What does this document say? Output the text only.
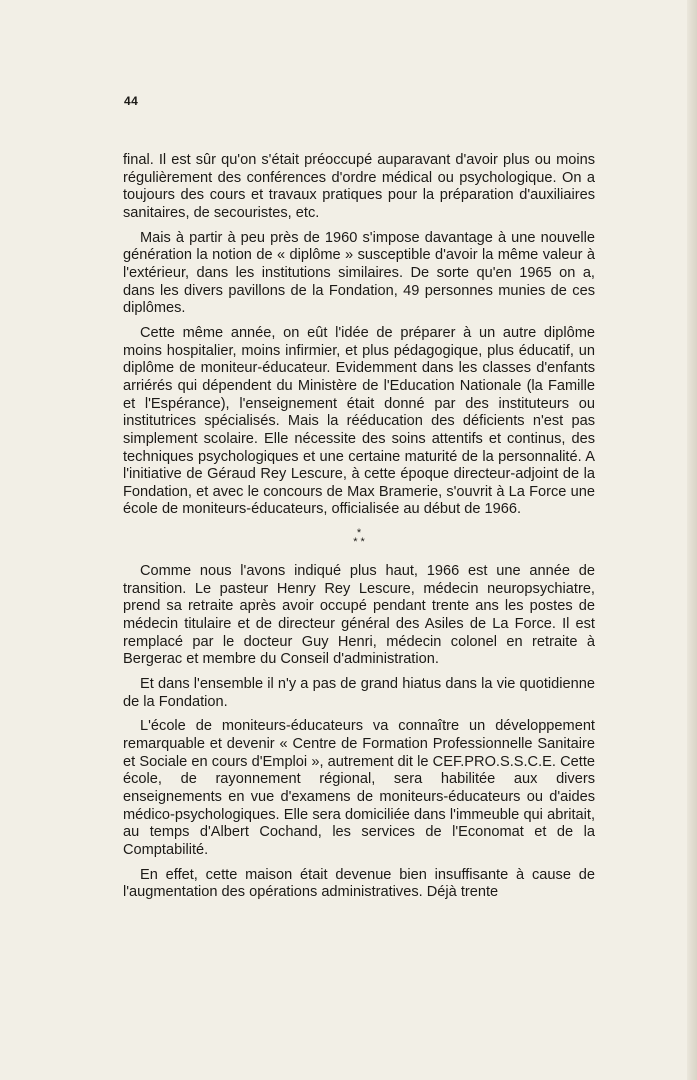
44

final. Il est sûr qu'on s'était préoccupé auparavant d'avoir plus ou moins régulièrement des conférences d'ordre médical ou psychologique. On a toujours des cours et travaux pratiques pour la préparation d'auxiliaires sanitaires, de secouristes, etc.

Mais à partir à peu près de 1960 s'impose davantage à une nouvelle génération la notion de « diplôme » susceptible d'avoir la même valeur à l'extérieur, dans les institutions similaires. De sorte qu'en 1965 on a, dans les divers pavillons de la Fondation, 49 personnes munies de ces diplômes.

Cette même année, on eût l'idée de préparer à un autre diplôme moins hospitalier, moins infirmier, et plus pédagogique, plus éducatif, un diplôme de moniteur-éducateur. Evidemment dans les classes d'enfants arriérés qui dépendent du Ministère de l'Education Nationale (la Famille et l'Espérance), l'enseignement était donné par des instituteurs ou institutrices spécialisés. Mais la rééducation des déficients n'est pas simplement scolaire. Elle nécessite des soins attentifs et continus, des techniques psychologiques et une certaine maturité de la personnalité. A l'initiative de Géraud Rey Lescure, à cette époque directeur-adjoint de la Fondation, et avec le concours de Max Bramerie, s'ouvrit à La Force une école de moniteurs-éducateurs, officialisée au début de 1966.

*
* *

Comme nous l'avons indiqué plus haut, 1966 est une année de transition. Le pasteur Henry Rey Lescure, médecin neuropsychiatre, prend sa retraite après avoir occupé pendant trente ans les postes de médecin titulaire et de directeur général des Asiles de La Force. Il est remplacé par le docteur Guy Henri, médecin colonel en retraite à Bergerac et membre du Conseil d'administration.

Et dans l'ensemble il n'y a pas de grand hiatus dans la vie quotidienne de la Fondation.

L'école de moniteurs-éducateurs va connaître un développement remarquable et devenir « Centre de Formation Professionnelle Sanitaire et Sociale en cours d'Emploi », autrement dit le CEF.PRO.S.S.C.E. Cette école, de rayonnement régional, sera habilitée aux divers enseignements en vue d'examens de moniteurs-éducateurs ou d'aides médico-psychologiques. Elle sera domiciliée dans l'immeuble qui abritait, au temps d'Albert Cochand, les services de l'Economat et de la Comptabilité.

En effet, cette maison était devenue bien insuffisante à cause de l'augmentation des opérations administratives. Déjà trente
